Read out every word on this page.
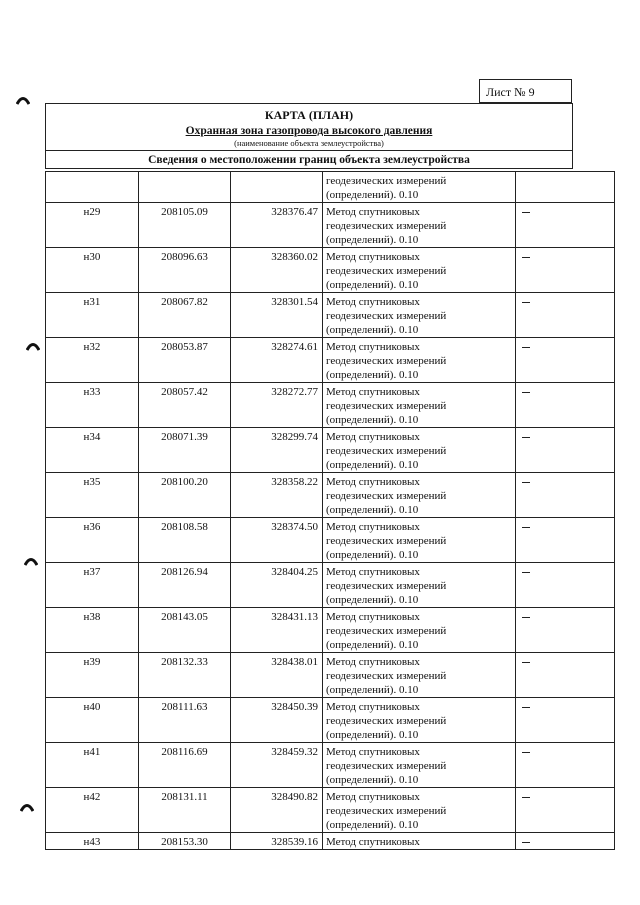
Лист № 9
КАРТА (ПЛАН)
Охранная зона газопровода высокого давления
(наименование объекта землеустройства)

Сведения о местоположении границ объекта землеустройства

			геодезических измерений
(определений). 0.10	

н29	208105.09	328376.47	Метод спутниковых
геодезических измерений
(определений). 0.10	

н30	208096.63	328360.02	Метод спутниковых
геодезических измерений
(определений). 0.10	

н31	208067.82	328301.54	Метод спутниковых
геодезических измерений
(определений). 0.10	

н32	208053.87	328274.61	Метод спутниковых
геодезических измерений
(определений). 0.10	

н33	208057.42	328272.77	Метод спутниковых
геодезических измерений
(определений). 0.10	

н34	208071.39	328299.74	Метод спутниковых
геодезических измерений
(определений). 0.10	

н35	208100.20	328358.22	Метод спутниковых
геодезических измерений
(определений). 0.10	

н36	208108.58	328374.50	Метод спутниковых
геодезических измерений
(определений). 0.10	

н37	208126.94	328404.25	Метод спутниковых
геодезических измерений
(определений). 0.10	

н38	208143.05	328431.13	Метод спутниковых
геодезических измерений
(определений). 0.10	

н39	208132.33	328438.01	Метод спутниковых
геодезических измерений
(определений). 0.10	

н40	208111.63	328450.39	Метод спутниковых
геодезических измерений
(определений). 0.10	

н41	208116.69	328459.32	Метод спутниковых
геодезических измерений
(определений). 0.10	

н42	208131.11	328490.82	Метод спутниковых
геодезических измерений
(определений). 0.10	

н43	208153.30	328539.16	Метод спутниковых	
